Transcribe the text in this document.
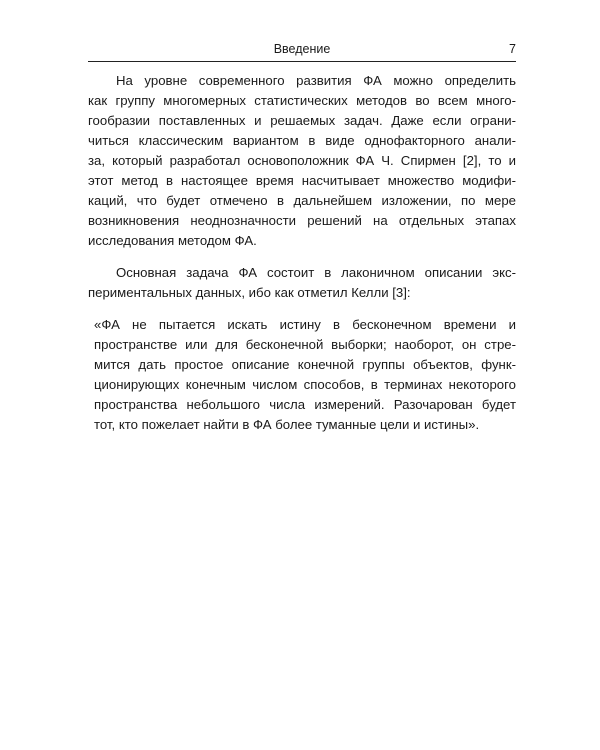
Введение	7
На уровне современного развития ФА можно определить
как группу многомерных статистических методов во всем много-
гообразии поставленных и решаемых задач. Даже если ограни-
читься классическим вариантом в виде однофакторного анали-
за, который разработал основоположник ФА Ч. Спирмен [2], то и
этот метод в настоящее время насчитывает множество модифи-
каций, что будет отмечено в дальнейшем изложении, по мере
возникновения неоднозначности решений на отдельных этапах
исследования методом ФА.
Основная задача ФА состоит в лаконичном описании экс-
периментальных данных, ибо как отметил Келли [3]:
«ФА не пытается искать истину в бесконечном времени и
пространстве или для бесконечной выборки; наоборот, он стре-
мится дать простое описание конечной группы объектов, функ-
ционирующих конечным числом способов, в терминах некоторого
пространства небольшого числа измерений. Разочарован будет
тот, кто пожелает найти в ФА более туманные цели и истины».
